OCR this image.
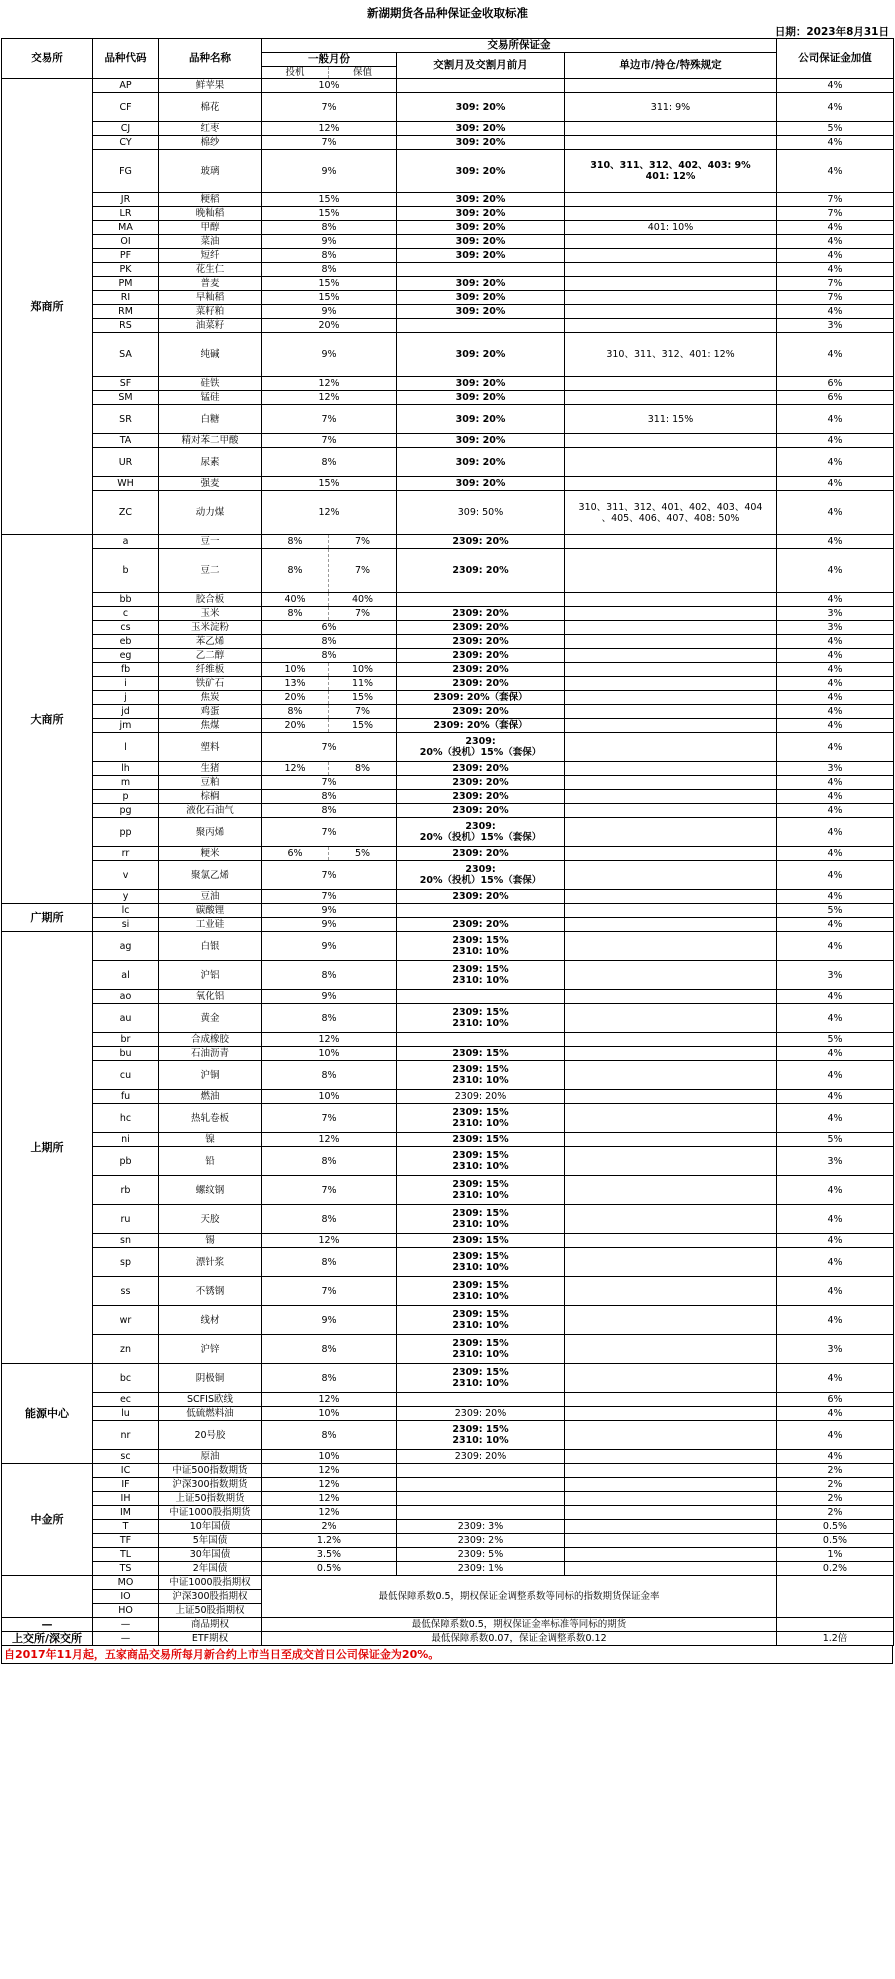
新湖期货各品种保证金收取标准
日期：2023年8月31日
交易所	品种代码	品种名称	交易所保证金				公司保证金加值
			一般月份		交割月及交割月前月	单边市/持仓/特殊规定	
			投机	保值			
郑商所	AP	鲜苹果	10%				4%
	CF	棉花	7%		309: 20%	311: 9%	4%
	CJ	红枣	12%		309: 20%		5%
	CY	棉纱	7%		309: 20%		4%
	FG	玻璃	9%		309: 20%	310、311、312、402、403: 9%
401: 12%	4%
	JR	粳稻	15%		309: 20%		7%
	LR	晚籼稻	15%		309: 20%		7%
	MA	甲醇	8%		309: 20%	401: 10%	4%
	OI	菜油	9%		309: 20%		4%
	PF	短纤	8%		309: 20%		4%
	PK	花生仁	8%				4%
	PM	普麦	15%		309: 20%		7%
	RI	早籼稻	15%		309: 20%		7%
	RM	菜籽粕	9%		309: 20%		4%
	RS	油菜籽	20%				3%
	SA	纯碱	9%		309: 20%	310、311、312、401: 12%	4%
	SF	硅铁	12%		309: 20%		6%
	SM	锰硅	12%		309: 20%		6%
	SR	白糖	7%		309: 20%	311: 15%	4%
	TA	精对苯二甲酸	7%		309: 20%		4%
	UR	尿素	8%		309: 20%		4%
	WH	强麦	15%		309: 20%		4%
	ZC	动力煤	12%		309: 50%	310、311、312、401、402、403、404
、405、406、407、408: 50%	4%
大商所	a	豆一	8%	7%	2309: 20%		4%
	b	豆二	8%	7%	2309: 20%		4%
	bb	胶合板	40%	40%			4%
	c	玉米	8%	7%	2309: 20%		3%
	cs	玉米淀粉	6%		2309: 20%		3%
	eb	苯乙烯	8%		2309: 20%		4%
	eg	乙二醇	8%		2309: 20%		4%
	fb	纤维板	10%	10%	2309: 20%		4%
	i	铁矿石	13%	11%	2309: 20%		4%
	j	焦炭	20%	15%	2309: 20%（套保）		4%
	jd	鸡蛋	8%	7%	2309: 20%		4%
	jm	焦煤	20%	15%	2309: 20%（套保）		4%
	l	塑料	7%		2309:
20%（投机）15%（套保）		4%
	lh	生猪	12%	8%	2309: 20%		3%
	m	豆粕	7%		2309: 20%		4%
	p	棕榈	8%		2309: 20%		4%
	pg	液化石油气	8%		2309: 20%		4%
	pp	聚丙烯	7%		2309:
20%（投机）15%（套保）		4%
	rr	粳米	6%	5%	2309: 20%		4%
	v	聚氯乙烯	7%		2309:
20%（投机）15%（套保）		4%
	y	豆油	7%		2309: 20%		4%
广期所	lc	碳酸锂	9%				5%
	si	工业硅	9%		2309: 20%		4%
上期所	ag	白银	9%		2309: 15%
2310: 10%		4%
	al	沪铝	8%		2309: 15%
2310: 10%		3%
	ao	氧化铝	9%				4%
	au	黄金	8%		2309: 15%
2310: 10%		4%
	br	合成橡胶	12%				5%
	bu	石油沥青	10%		2309: 15%		4%
	cu	沪铜	8%		2309: 15%
2310: 10%		4%
	fu	燃油	10%		2309: 20%		4%
	hc	热轧卷板	7%		2309: 15%
2310: 10%		4%
	ni	镍	12%		2309: 15%		5%
	pb	铅	8%		2309: 15%
2310: 10%		3%
	rb	螺纹钢	7%		2309: 15%
2310: 10%		4%
	ru	天胶	8%		2309: 15%
2310: 10%		4%
	sn	锡	12%		2309: 15%		4%
	sp	漂针浆	8%		2309: 15%
2310: 10%		4%
	ss	不锈钢	7%		2309: 15%
2310: 10%		4%
	wr	线材	9%		2309: 15%
2310: 10%		4%
	zn	沪锌	8%		2309: 15%
2310: 10%		3%
能源中心	bc	阴极铜	8%		2309: 15%
2310: 10%		4%
	ec	SCFIS欧线	12%				6%
	lu	低硫燃料油	10%		2309: 20%		4%
	nr	20号胶	8%		2309: 15%
2310: 10%		4%
	sc	原油	10%		2309: 20%		4%
中金所	IC	中证500指数期货	12%				2%
	IF	沪深300指数期货	12%				2%
	IH	上证50指数期货	12%				2%
	IM	中证1000股指期货	12%				2%
	T	10年国债	2%		2309: 3%		0.5%
	TF	5年国债	1.2%		2309: 2%		0.5%
	TL	30年国债	3.5%		2309: 5%		1%
	TS	2年国债	0.5%		2309: 1%		0.2%
	MO	中证1000股指期权	最低保障系数0.5，期权保证金调整系数等同标的指数期货保证金率				
	IO	沪深300股指期权					
	HO	上证50股指期权					
—	—	商品期权	最低保障系数0.5，期权保证金率标准等同标的期货				
上交所/深交所	—	ETF期权	最低保障系数0.07，保证金调整系数0.12				1.2倍
自2017年11月起，五家商品交易所每月新合约上市当日至成交首日公司保证金为20%。
